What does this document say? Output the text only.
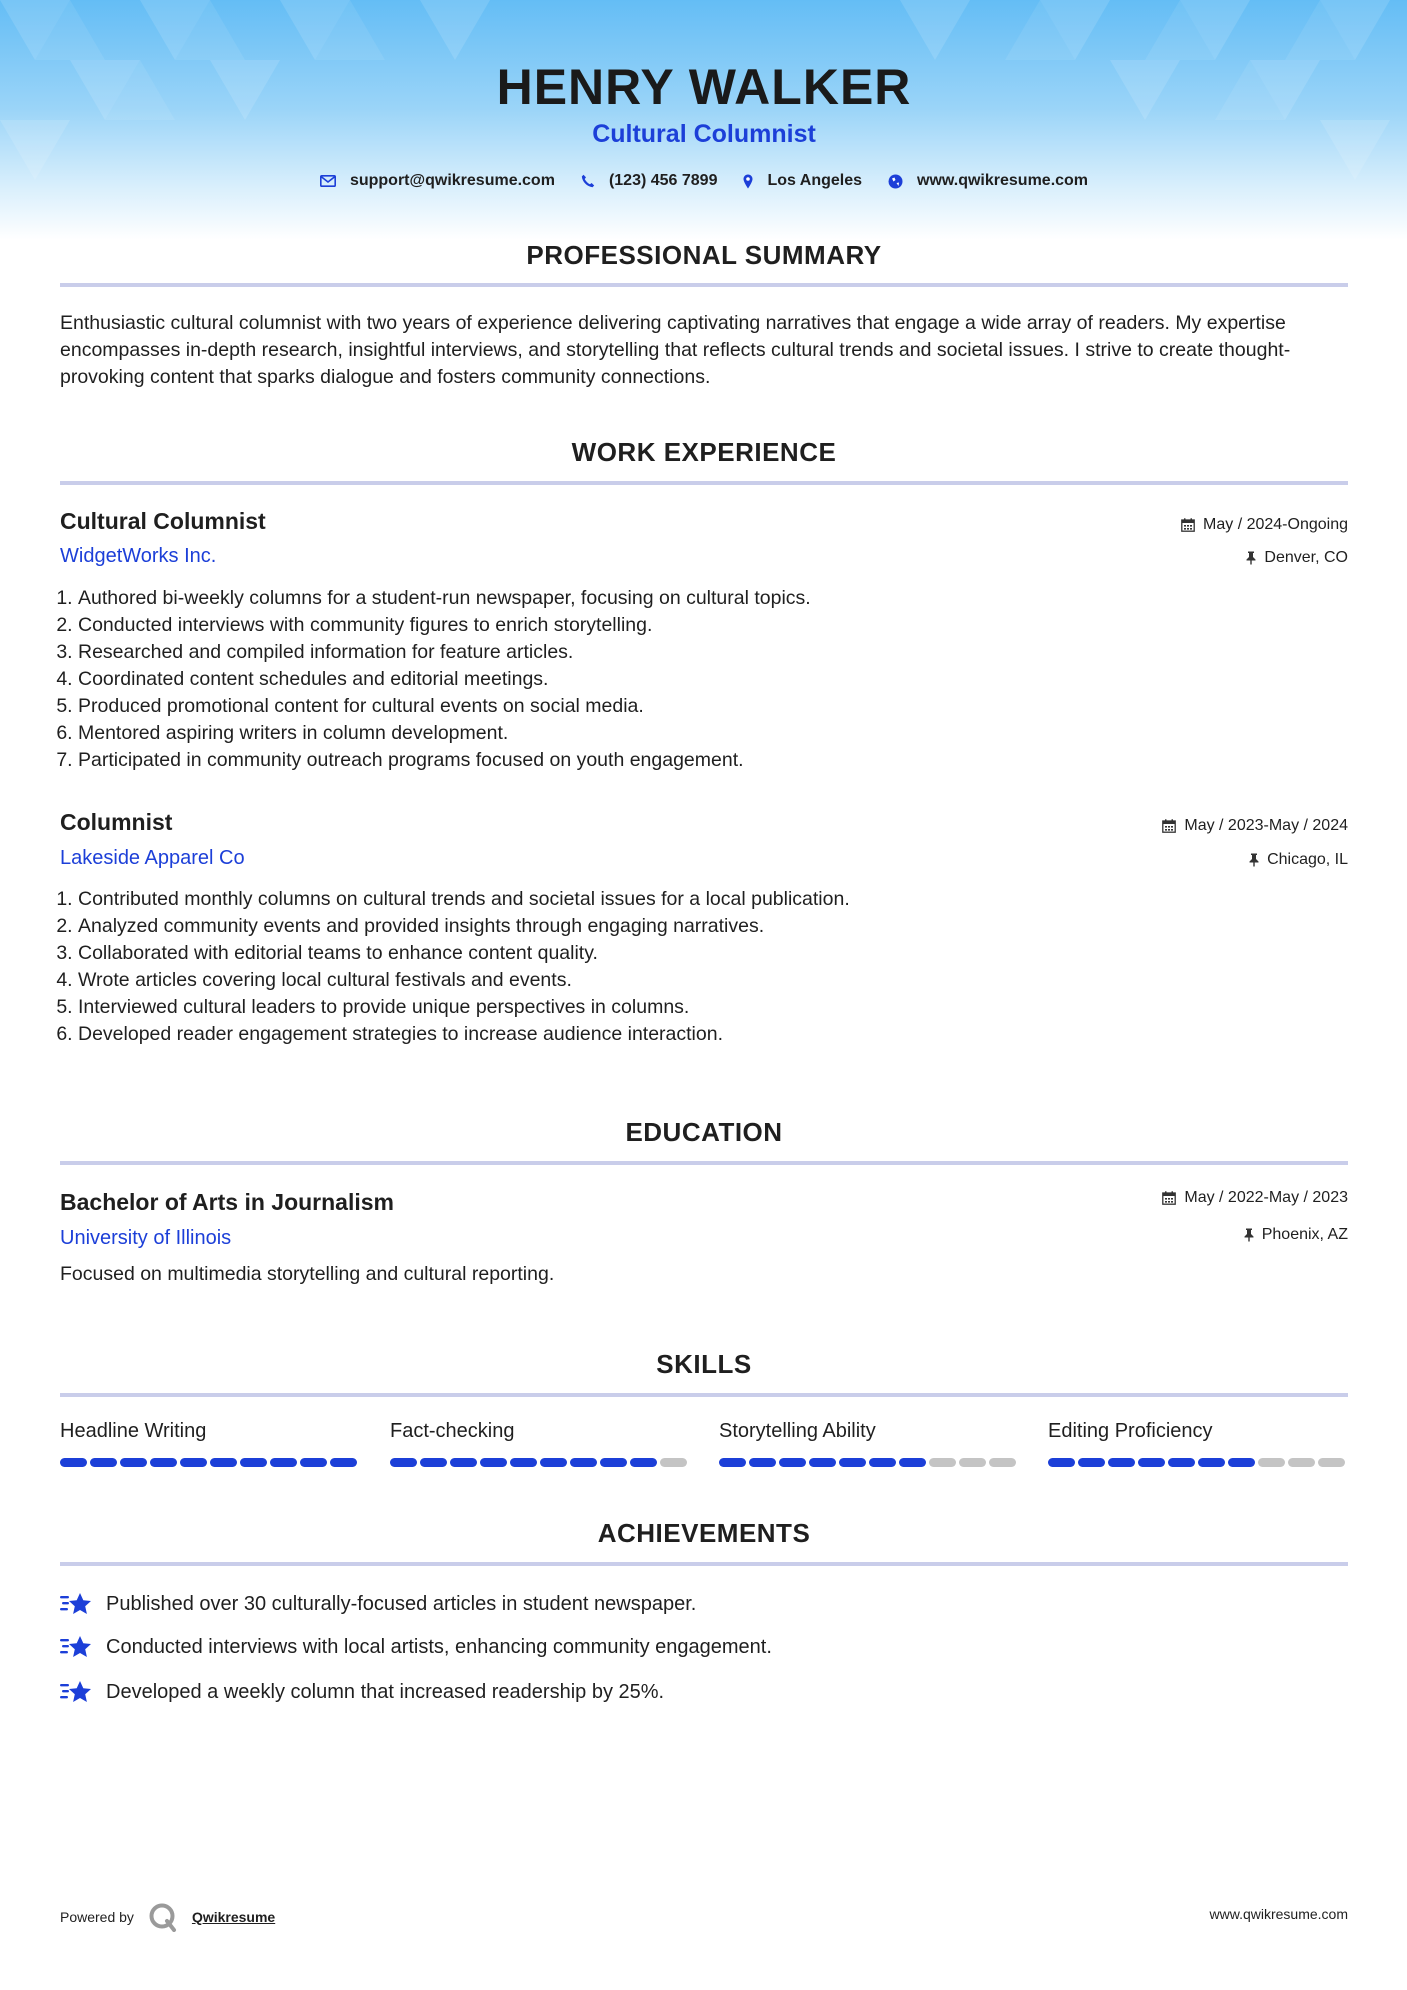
HENRY WALKER
Cultural Columnist
support@qwikresume.com	(123) 456 7899	Los Angeles	www.qwikresume.com
PROFESSIONAL SUMMARY
Enthusiastic cultural columnist with two years of experience delivering captivating narratives that engage a wide array of readers. My expertise encompasses in-depth research, insightful interviews, and storytelling that reflects cultural trends and societal issues. I strive to create thought-provoking content that sparks dialogue and fosters community connections.
WORK EXPERIENCE
Cultural Columnist
WidgetWorks Inc.
May / 2024-Ongoing
Denver, CO
1. Authored bi-weekly columns for a student-run newspaper, focusing on cultural topics.
2. Conducted interviews with community figures to enrich storytelling.
3. Researched and compiled information for feature articles.
4. Coordinated content schedules and editorial meetings.
5. Produced promotional content for cultural events on social media.
6. Mentored aspiring writers in column development.
7. Participated in community outreach programs focused on youth engagement.
Columnist
Lakeside Apparel Co
May / 2023-May / 2024
Chicago, IL
1. Contributed monthly columns on cultural trends and societal issues for a local publication.
2. Analyzed community events and provided insights through engaging narratives.
3. Collaborated with editorial teams to enhance content quality.
4. Wrote articles covering local cultural festivals and events.
5. Interviewed cultural leaders to provide unique perspectives in columns.
6. Developed reader engagement strategies to increase audience interaction.
EDUCATION
Bachelor of Arts in Journalism
University of Illinois
May / 2022-May / 2023
Phoenix, AZ
Focused on multimedia storytelling and cultural reporting.
SKILLS
Headline Writing	Fact-checking	Storytelling Ability	Editing Proficiency
ACHIEVEMENTS
Published over 30 culturally-focused articles in student newspaper.
Conducted interviews with local artists, enhancing community engagement.
Developed a weekly column that increased readership by 25%.
Powered by	Qwikresume	www.qwikresume.com
